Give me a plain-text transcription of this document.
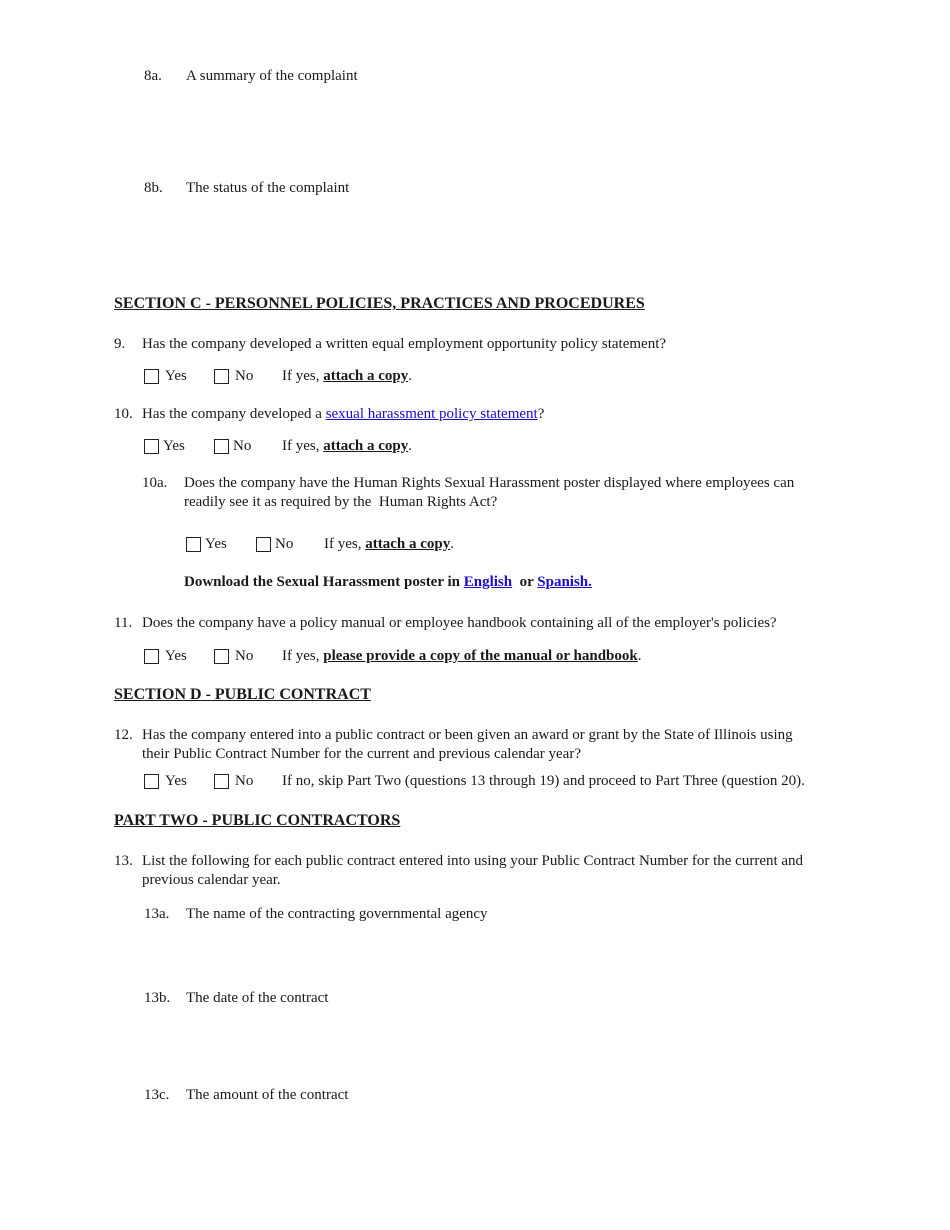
8a. A summary of the complaint
8b. The status of the complaint
SECTION C - PERSONNEL POLICIES, PRACTICES AND PROCEDURES
9. Has the company developed a written equal employment opportunity policy statement?
Yes	No If yes, attach a copy.
10. Has the company developed a sexual harassment policy statement?
Yes	No If yes, attach a copy.
10a. Does the company have the Human Rights Sexual Harassment poster displayed where employees can
readily see it as required by the  Human Rights Act?
Yes	No If yes, attach a copy.
Download the Sexual Harassment poster in English or Spanish.
11. Does the company have a policy manual or employee handbook containing all of the employer's policies?
Yes	No If yes, please provide a copy of the manual or handbook.
SECTION D - PUBLIC CONTRACT
12. Has the company entered into a public contract or been given an award or grant by the State of Illinois using
their Public Contract Number for the current and previous calendar year?
Yes	No If no, skip Part Two (questions 13 through 19) and proceed to Part Three (question 20).
PART TWO - PUBLIC CONTRACTORS
13. List the following for each public contract entered into using your Public Contract Number for the current and
previous calendar year.
13a. The name of the contracting governmental agency
13b. The date of the contract
13c. The amount of the contract
